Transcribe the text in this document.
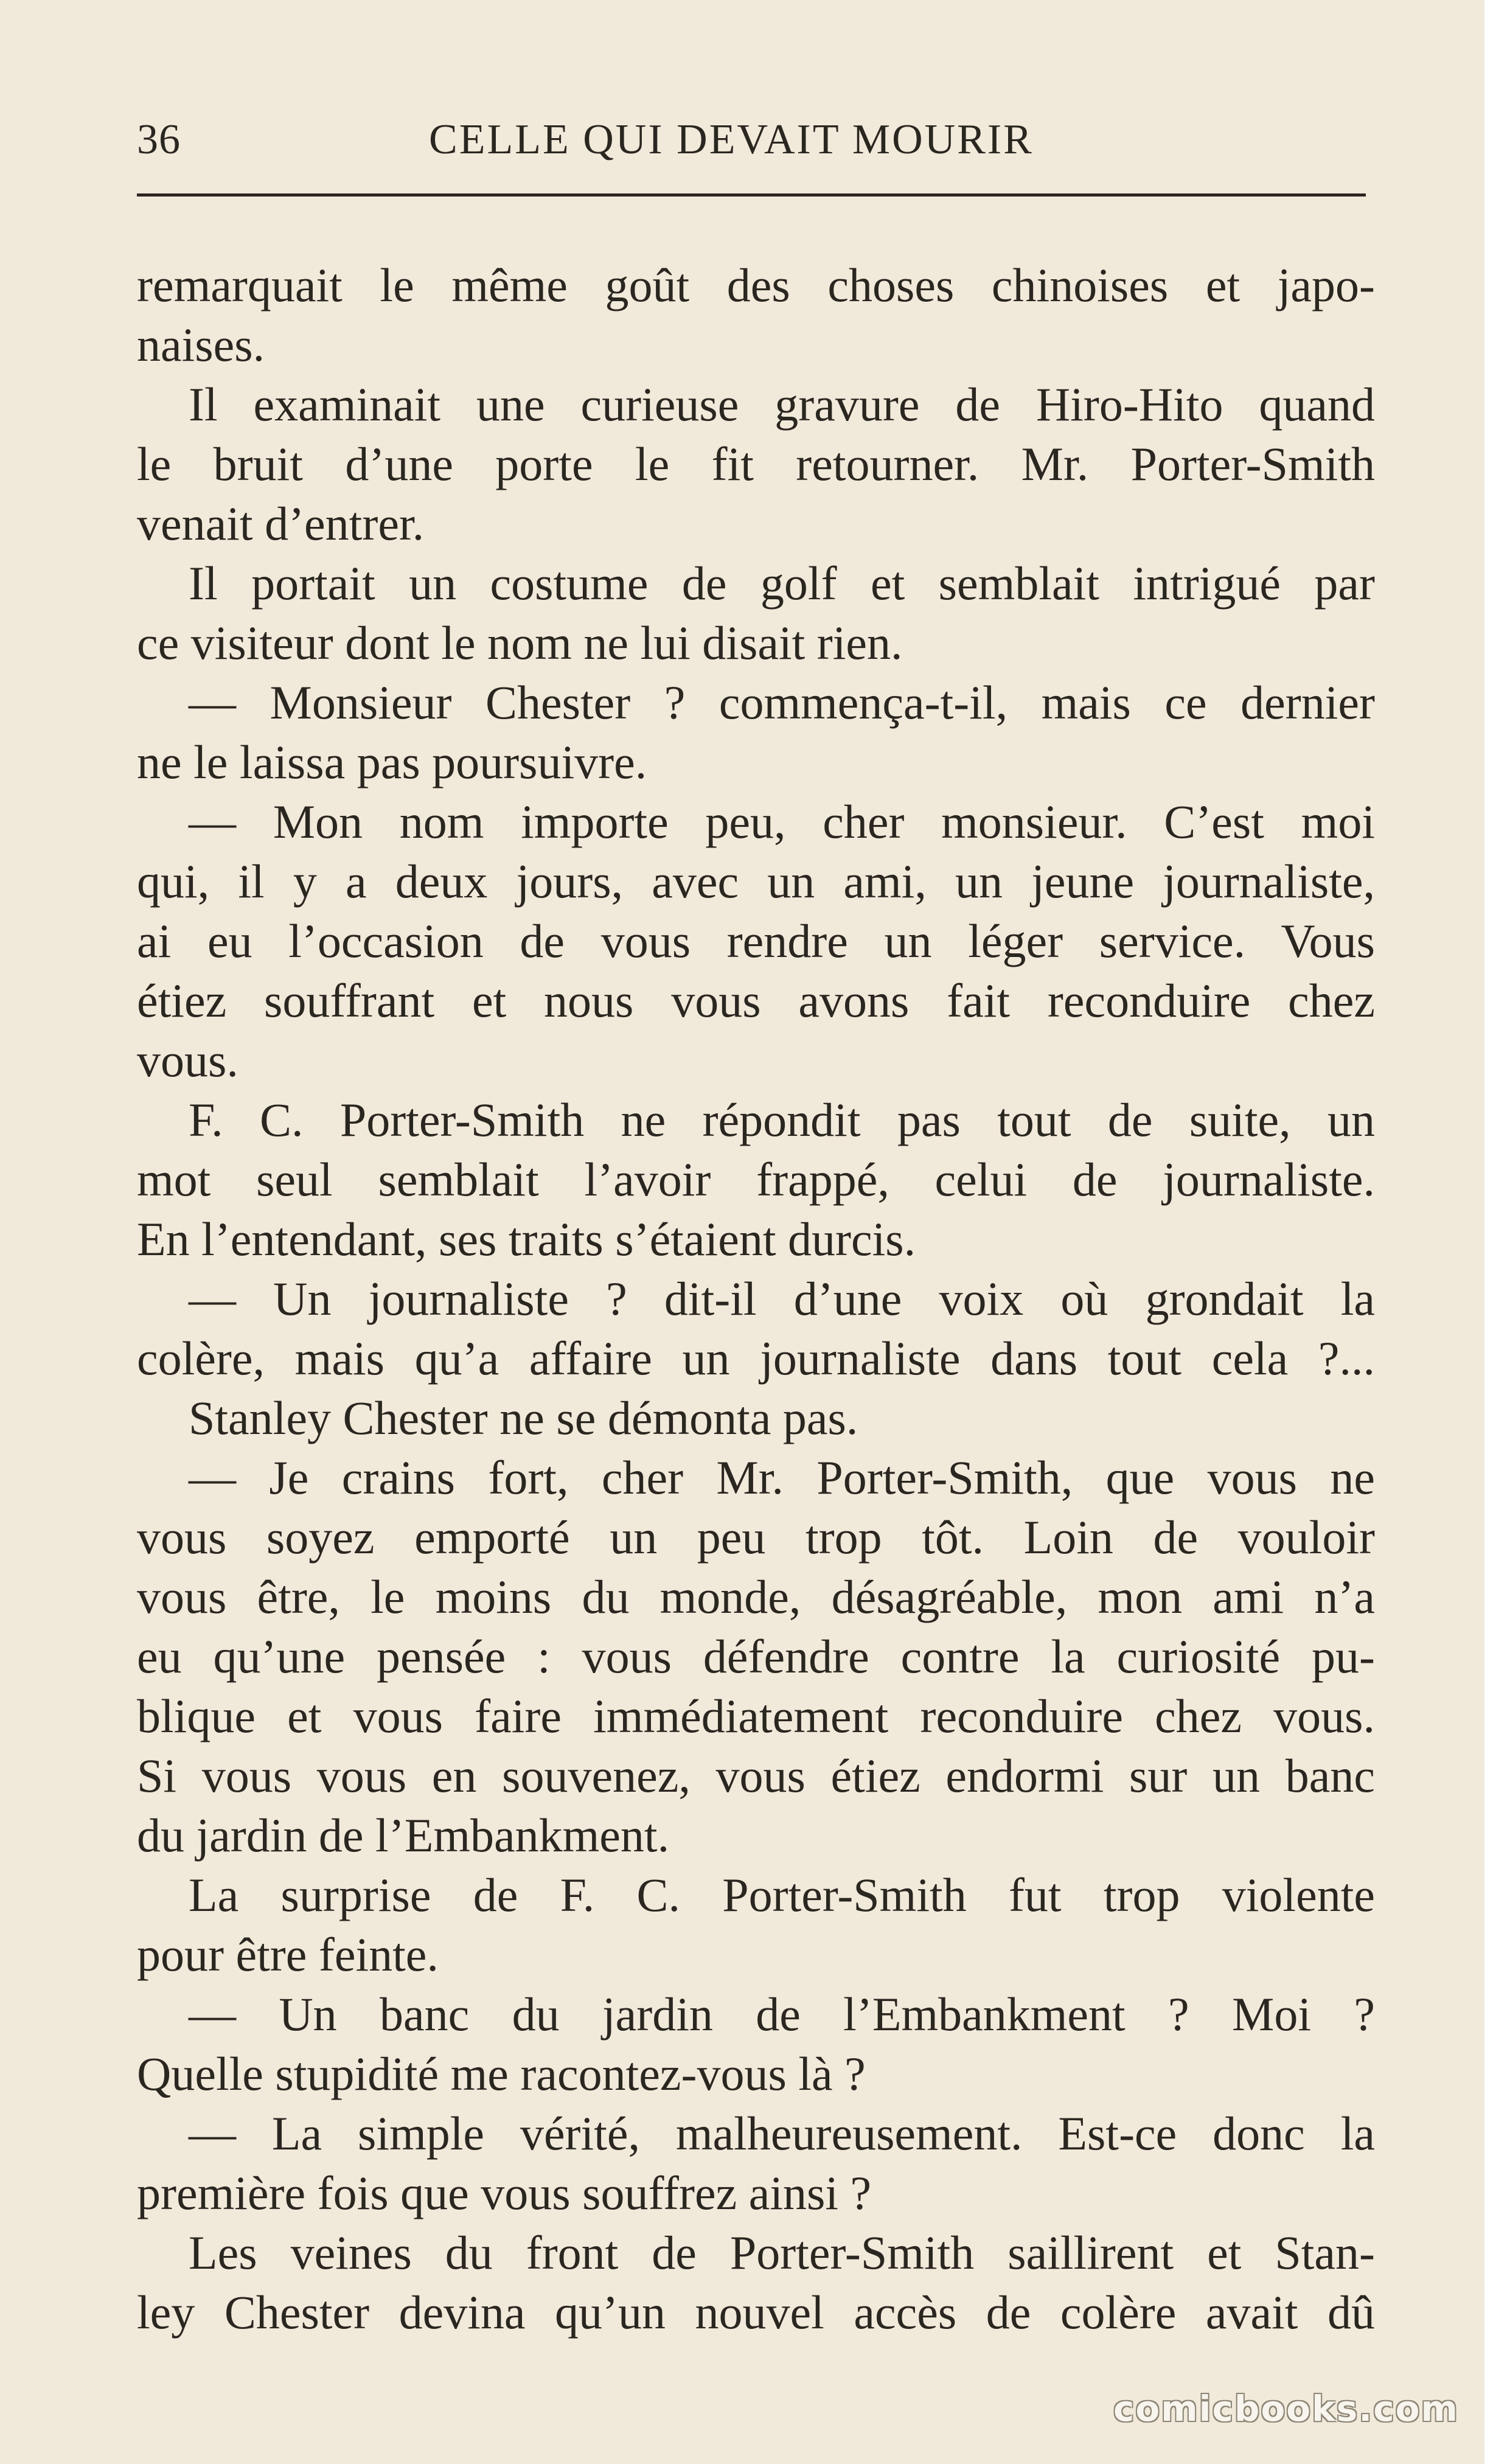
36	CELLE QUI DEVAIT MOURIR
remarquait le même goût des choses chinoises et japo-
naises.
Il examinait une curieuse gravure de Hiro-Hito quand
le bruit d’une porte le fit retourner. Mr. Porter-Smith
venait d’entrer.
Il portait un costume de golf et semblait intrigué par
ce visiteur dont le nom ne lui disait rien.
— Monsieur Chester ? commença-t-il, mais ce dernier
ne le laissa pas poursuivre.
— Mon nom importe peu, cher monsieur. C’est moi
qui, il y a deux jours, avec un ami, un jeune journaliste,
ai eu l’occasion de vous rendre un léger service. Vous
étiez souffrant et nous vous avons fait reconduire chez
vous.
F. C. Porter-Smith ne répondit pas tout de suite, un
mot seul semblait l’avoir frappé, celui de journaliste.
En l’entendant, ses traits s’étaient durcis.
— Un journaliste ? dit-il d’une voix où grondait la
colère, mais qu’a affaire un journaliste dans tout cela ?...
Stanley Chester ne se démonta pas.
— Je crains fort, cher Mr. Porter-Smith, que vous ne
vous soyez emporté un peu trop tôt. Loin de vouloir
vous être, le moins du monde, désagréable, mon ami n’a
eu qu’une pensée : vous défendre contre la curiosité pu-
blique et vous faire immédiatement reconduire chez vous.
Si vous vous en souvenez, vous étiez endormi sur un banc
du jardin de l’Embankment.
La surprise de F. C. Porter-Smith fut trop violente
pour être feinte.
— Un banc du jardin de l’Embankment ? Moi ?
Quelle stupidité me racontez-vous là ?
— La simple vérité, malheureusement. Est-ce donc la
première fois que vous souffrez ainsi ?
Les veines du front de Porter-Smith saillirent et Stan-
ley Chester devina qu’un nouvel accès de colère avait dû
comicbooks.com
